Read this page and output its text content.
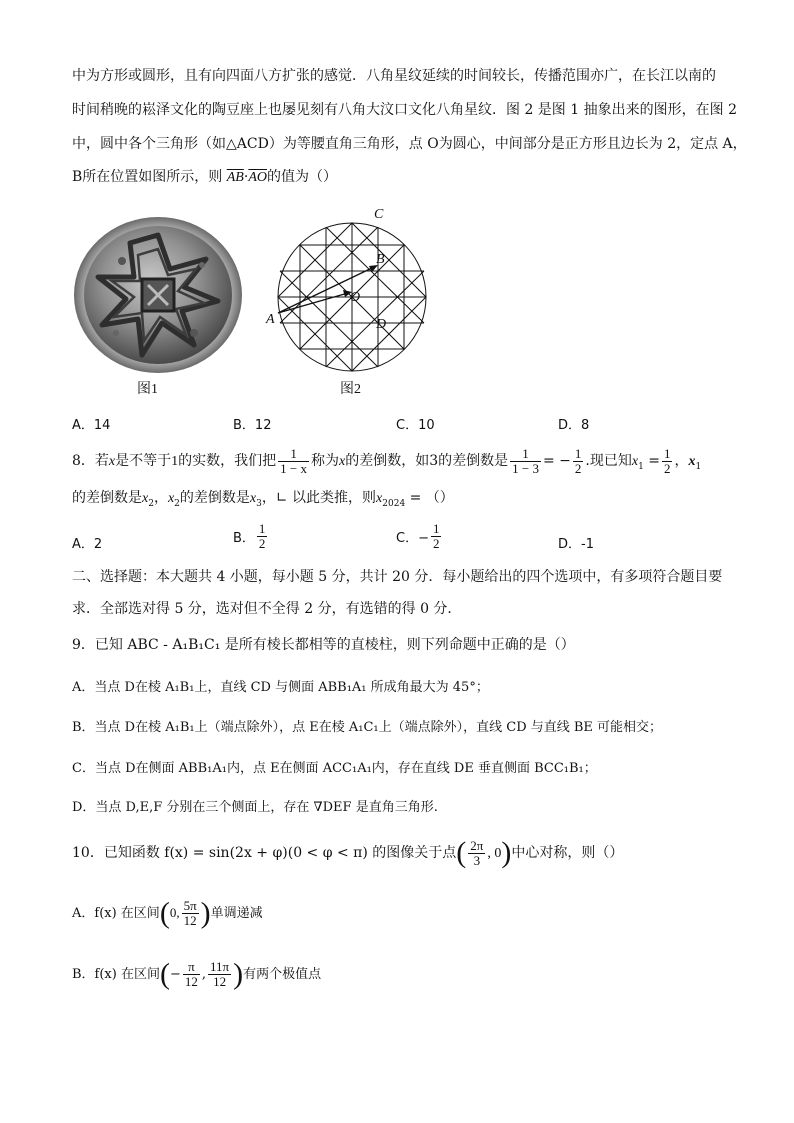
中为方形或圆形，且有向四面八方扩张的感觉．八角星纹延续的时间较长，传播范围亦广，在长江以南的
时间稍晚的崧泽文化的陶豆座上也屡见刻有八角大汶口文化八角星纹．图 2 是图 1 抽象出来的图形，在图 2
中，圆中各个三角形（如△ACD）为等腰直角三角形，点 O为圆心，中间部分是正方形且边长为 2，定点 A，
B所在位置如图所示，则 $\overline{AB}\cdot\overline{AO}$的值为（）
图1
C
B
O
A	D
图2
A．14	B．12	C．10	D．8
8．若x是不等于1的实数，我们把 $\frac{1}{1 - x}$ 称为x的差倒数，如3的差倒数是 $\frac{1}{1 - 3}$ = − $\frac{1}{2}$ .现已知$x_1 = \frac{1}{2}$ ，$x_1$
的差倒数是$x_2$，$x_2$的差倒数是$x_3$，∟ 以此类推，则$x_{2024}$ = （）
A．2	B． $\frac{1}{2}$	C．− $\frac{1}{2}$	D．-1
二、选择题：本大题共 4 小题，每小题 5 分，共计 20 分．每小题给出的四个选项中，有多项符合题目要
求．全部选对得 5 分，选对但不全得 2 分，有选错的得 0 分．
9．已知 ABC - A₁B₁C₁ 是所有棱长都相等的直棱柱，则下列命题中正确的是（）
A．当点 D在棱 A₁B₁上，直线 CD 与侧面 ABB₁A₁ 所成角最大为 45°；
B．当点 D在棱 A₁B₁上（端点除外），点 E在棱 A₁C₁上（端点除外），直线 CD 与直线 BE 可能相交；
C．当点 D在侧面 ABB₁A₁内，点 E在侧面 ACC₁A₁内，存在直线 DE 垂直侧面 BCC₁B₁；
D．当点 D,E,F 分别在三个侧面上，存在 ∇DEF 是直角三角形.
10．已知函数 f(x) = sin(2x + φ)(0 < φ < π) 的图像关于点( $\frac{2\pi}{3}$ , 0)中心对称，则（）
A．f(x) 在区间(0, $\frac{5\pi}{12}$ )单调递减
B．f(x) 在区间(− $\frac{\pi}{12}$ , $\frac{11\pi}{12}$ )有两个极值点
